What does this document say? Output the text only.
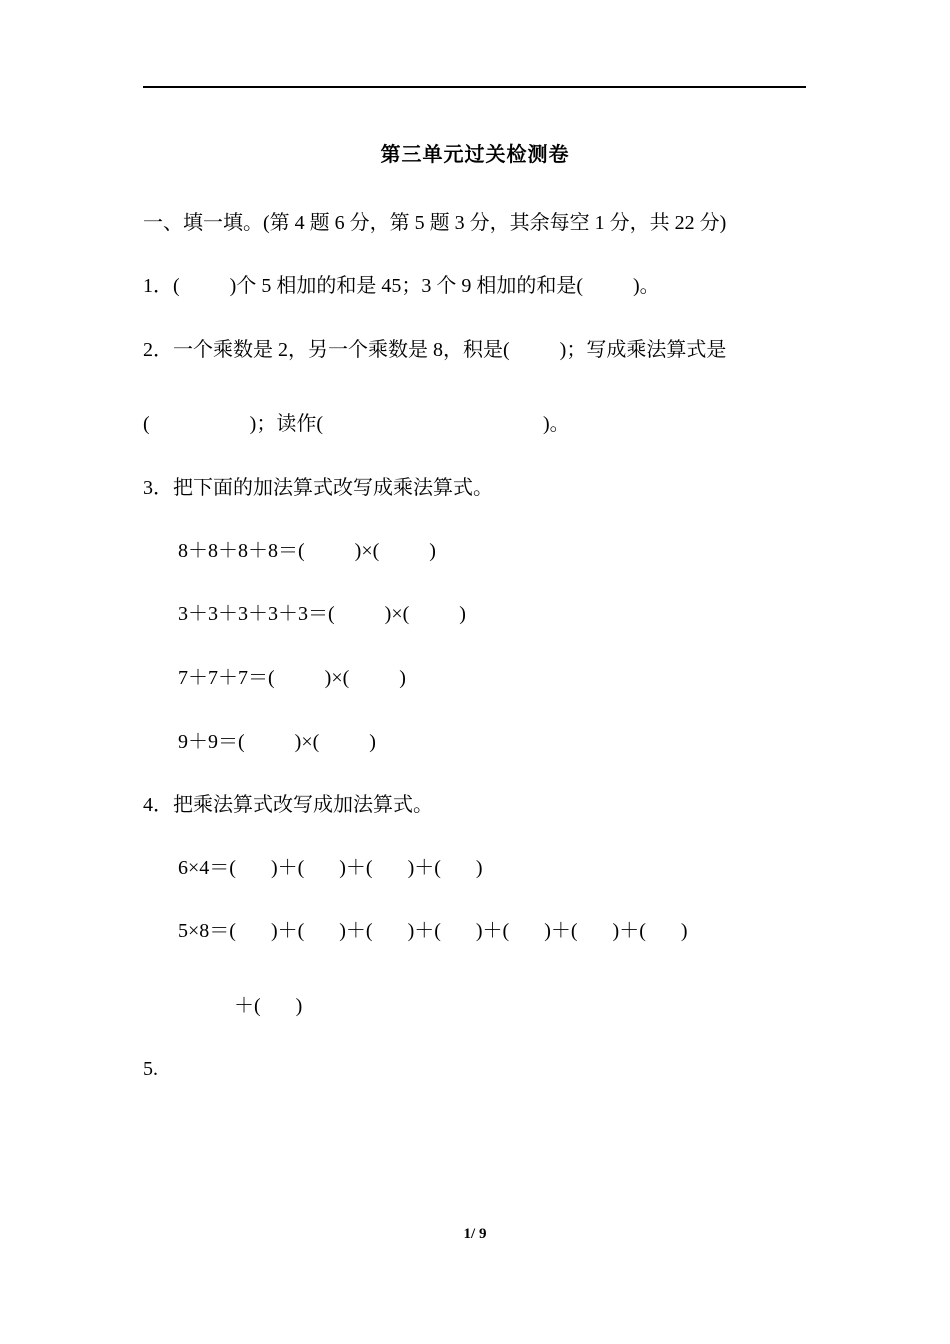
第三单元过关检测卷
一、填一填。(第 4 题 6 分，第 5 题 3 分，其余每空 1 分，共 22 分)
1．(          )个 5 相加的和是 45；3 个 9 相加的和是(          )。
2．一个乘数是 2，另一个乘数是 8，积是(          )；写成乘法算式是
(                    )；读作(                                            )。
3．把下面的加法算式改写成乘法算式。
8＋8＋8＋8＝(          )×(          )
3＋3＋3＋3＋3＝(          )×(          )
7＋7＋7＝(          )×(          )
9＋9＝(          )×(          )
4．把乘法算式改写成加法算式。
6×4＝(       )＋(       )＋(       )＋(       )
5×8＝(       )＋(       )＋(       )＋(       )＋(       )＋(       )＋(       )
＋(       )
5.
1/ 9
